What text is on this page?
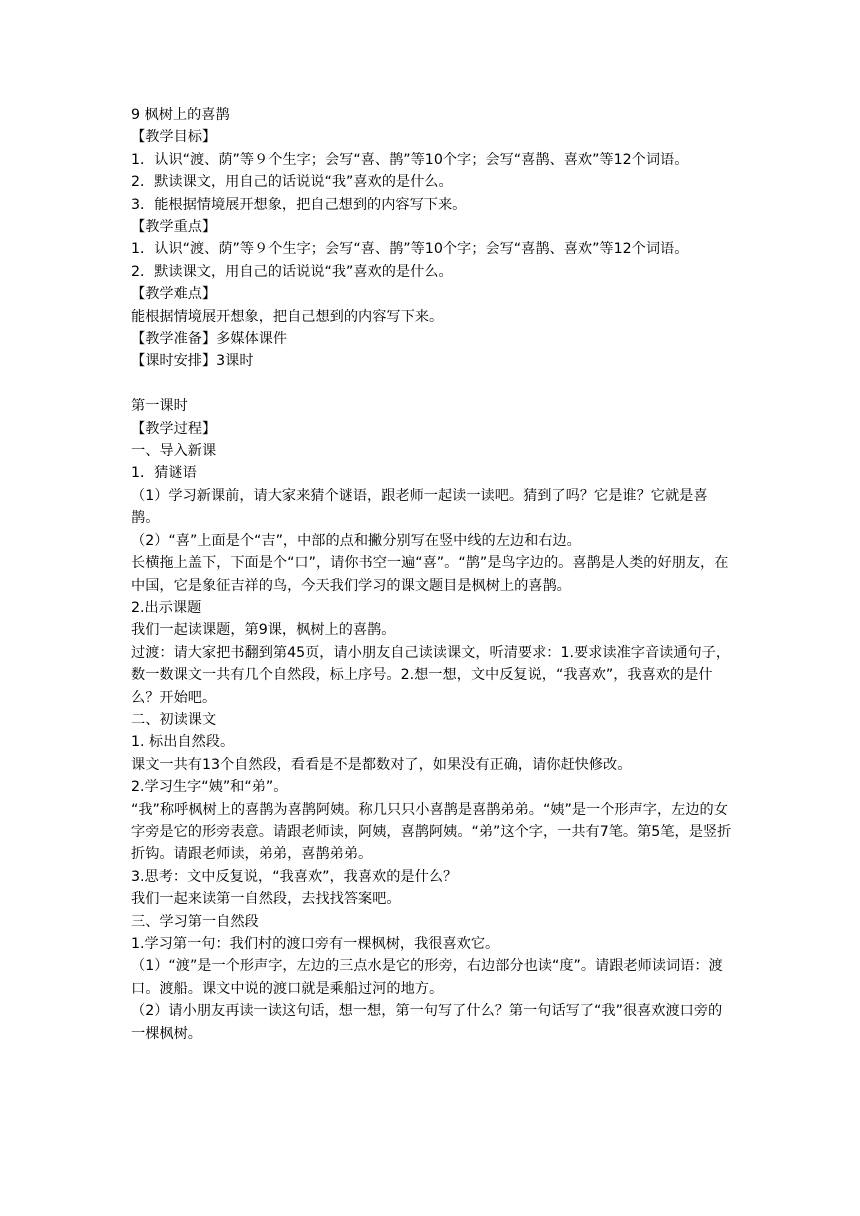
9 枫树上的喜鹊

【教学目标】

1．认识“渡、荫”等９个生字；会写“喜、鹊”等10个字；会写“喜鹊、喜欢”等12个词语。

2．默读课文，用自己的话说说“我”喜欢的是什么。

3．能根据情境展开想象，把自己想到的内容写下来。

【教学重点】

1．认识“渡、荫”等９个生字；会写“喜、鹊”等10个字；会写“喜鹊、喜欢”等12个词语。

2．默读课文，用自己的话说说“我”喜欢的是什么。

【教学难点】

能根据情境展开想象，把自己想到的内容写下来。

【教学准备】多媒体课件

【课时安排】3课时

第一课时

【教学过程】

一、导入新课

1．猜谜语

（1）学习新课前，请大家来猜个谜语，跟老师一起读一读吧。猜到了吗？它是谁？它就是喜鹊。

（2）“喜”上面是个“吉”，中部的点和撇分别写在竖中线的左边和右边。

长横拖上盖下，下面是个“口”，请你书空一遍“喜”。“鹊”是鸟字边的。喜鹊是人类的好朋友，在中国，它是象征吉祥的鸟，今天我们学习的课文题目是枫树上的喜鹊。

2.出示课题

我们一起读课题，第9课，枫树上的喜鹊。

过渡：请大家把书翻到第45页，请小朋友自己读读课文，听清要求：1.要求读准字音读通句子，数一数课文一共有几个自然段，标上序号。2.想一想，文中反复说，“我喜欢”，我喜欢的是什么？开始吧。

二、初读课文

1. 标出自然段。

课文一共有13个自然段，看看是不是都数对了，如果没有正确，请你赶快修改。

2.学习生字“姨”和“弟”。

“我”称呼枫树上的喜鹊为喜鹊阿姨。称几只只小喜鹊是喜鹊弟弟。“姨”是一个形声字，左边的女字旁是它的形旁表意。请跟老师读，阿姨，喜鹊阿姨。“弟”这个字，一共有7笔。第5笔，是竖折折钩。请跟老师读，弟弟，喜鹊弟弟。

3.思考：文中反复说，“我喜欢”，我喜欢的是什么？

我们一起来读第一自然段，去找找答案吧。

三、学习第一自然段

1.学习第一句：我们村的渡口旁有一棵枫树，我很喜欢它。

（1）“渡”是一个形声字，左边的三点水是它的形旁，右边部分也读“度”。请跟老师读词语：渡口。渡船。课文中说的渡口就是乘船过河的地方。

（2）请小朋友再读一读这句话，想一想，第一句写了什么？第一句话写了“我”很喜欢渡口旁的一棵枫树。
